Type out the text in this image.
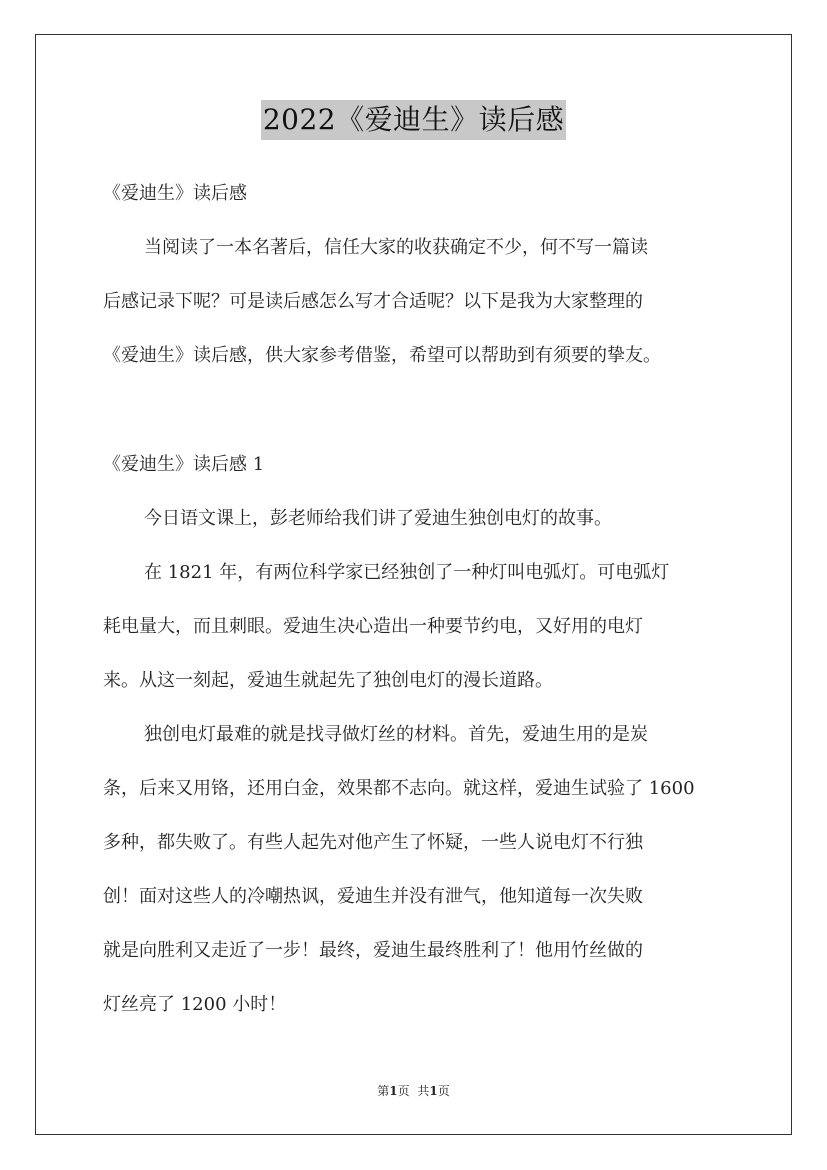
2022《爱迪生》读后感
《爱迪生》读后感
当阅读了一本名著后，信任大家的收获确定不少，何不写一篇读
后感记录下呢？可是读后感怎么写才合适呢？以下是我为大家整理的
《爱迪生》读后感，供大家参考借鉴，希望可以帮助到有须要的挚友。
《爱迪生》读后感 1
今日语文课上，彭老师给我们讲了爱迪生独创电灯的故事。
在 1821 年，有两位科学家已经独创了一种灯叫电弧灯。可电弧灯
耗电量大，而且刺眼。爱迪生决心造出一种要节约电，又好用的电灯
来。从这一刻起，爱迪生就起先了独创电灯的漫长道路。
独创电灯最难的就是找寻做灯丝的材料。首先，爱迪生用的是炭
条，后来又用铬，还用白金，效果都不志向。就这样，爱迪生试验了 1600
多种，都失败了。有些人起先对他产生了怀疑，一些人说电灯不行独
创！面对这些人的冷嘲热讽，爱迪生并没有泄气，他知道每一次失败
就是向胜利又走近了一步！最终，爱迪生最终胜利了！他用竹丝做的
灯丝亮了 1200 小时！
第1页 共1页
